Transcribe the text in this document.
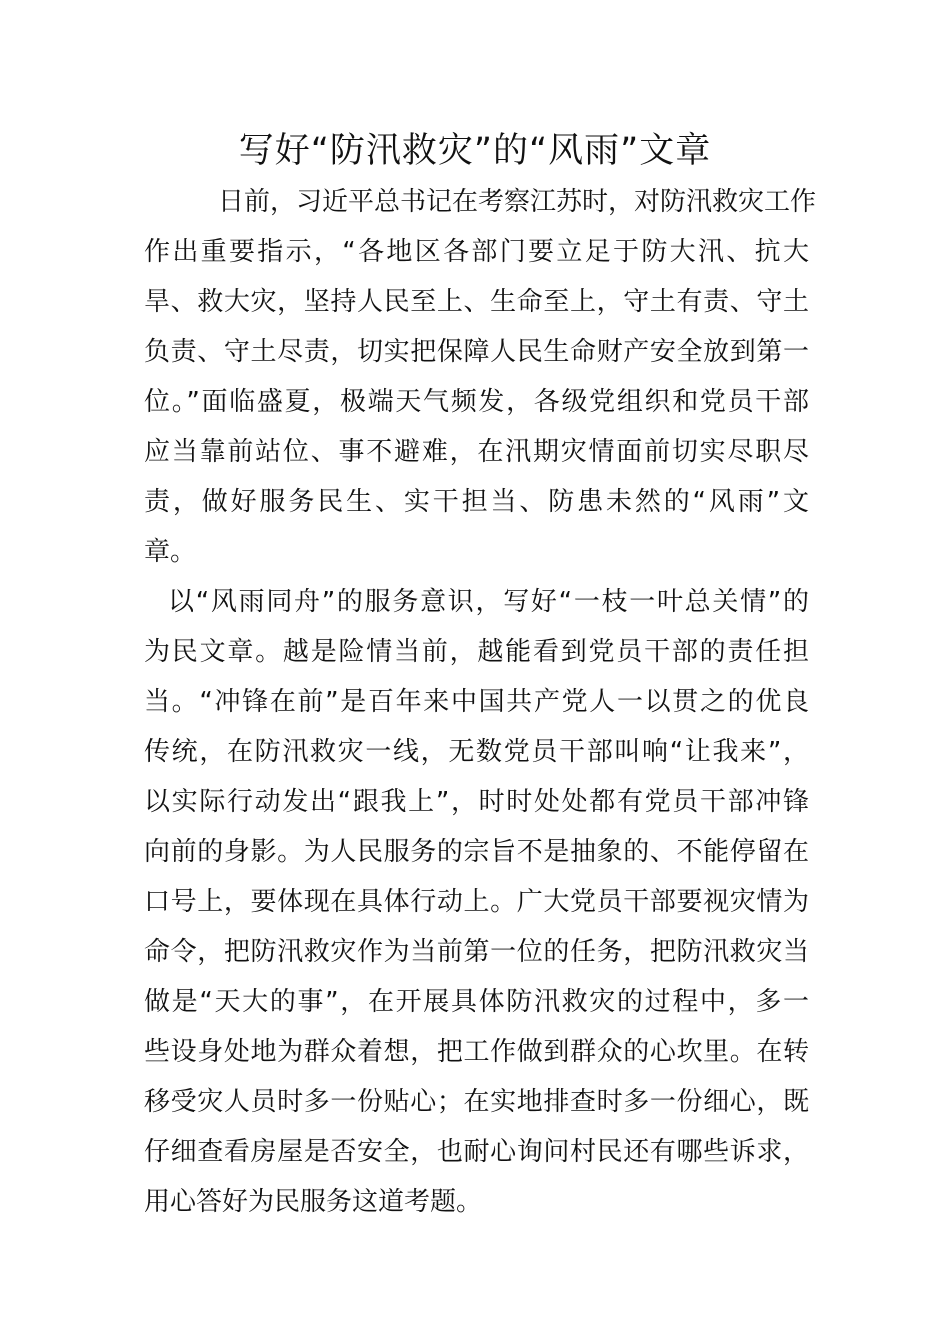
写好“防汛救灾”的“风雨”文章
日前，习近平总书记在考察江苏时，对防汛救灾工作
作出重要指示，“各地区各部门要立足于防大汛、抗大
旱、救大灾，坚持人民至上、生命至上，守土有责、守土
负责、守土尽责，切实把保障人民生命财产安全放到第一
位。”面临盛夏，极端天气频发，各级党组织和党员干部
应当靠前站位、事不避难，在汛期灾情面前切实尽职尽
责，做好服务民生、实干担当、防患未然的“风雨”文
章。
以“风雨同舟”的服务意识，写好“一枝一叶总关情”的
为民文章。越是险情当前，越能看到党员干部的责任担
当。“冲锋在前”是百年来中国共产党人一以贯之的优良
传统，在防汛救灾一线，无数党员干部叫响“让我来”，
以实际行动发出“跟我上”，时时处处都有党员干部冲锋
向前的身影。为人民服务的宗旨不是抽象的、不能停留在
口号上，要体现在具体行动上。广大党员干部要视灾情为
命令，把防汛救灾作为当前第一位的任务，把防汛救灾当
做是“天大的事”，在开展具体防汛救灾的过程中，多一
些设身处地为群众着想，把工作做到群众的心坎里。在转
移受灾人员时多一份贴心；在实地排查时多一份细心，既
仔细查看房屋是否安全，也耐心询问村民还有哪些诉求，
用心答好为民服务这道考题。
